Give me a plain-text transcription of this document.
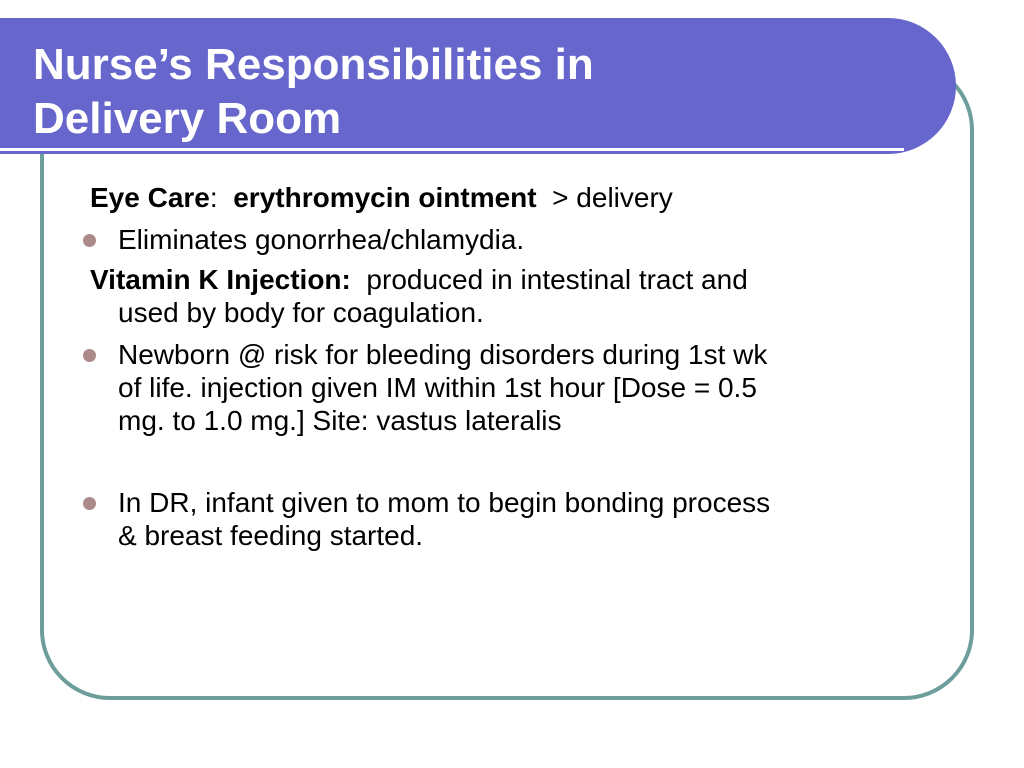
Nurse’s Responsibilities in
Delivery Room
Eye Care: erythromycin ointment > delivery
Eliminates gonorrhea/chlamydia.
Vitamin K Injection: produced in intestinal tract and
used by body for coagulation.
Newborn @ risk for bleeding disorders during 1st wk
of life. injection given IM within 1st hour [Dose = 0.5
mg. to 1.0 mg.] Site: vastus lateralis
In DR, infant given to mom to begin bonding process
& breast feeding started.
